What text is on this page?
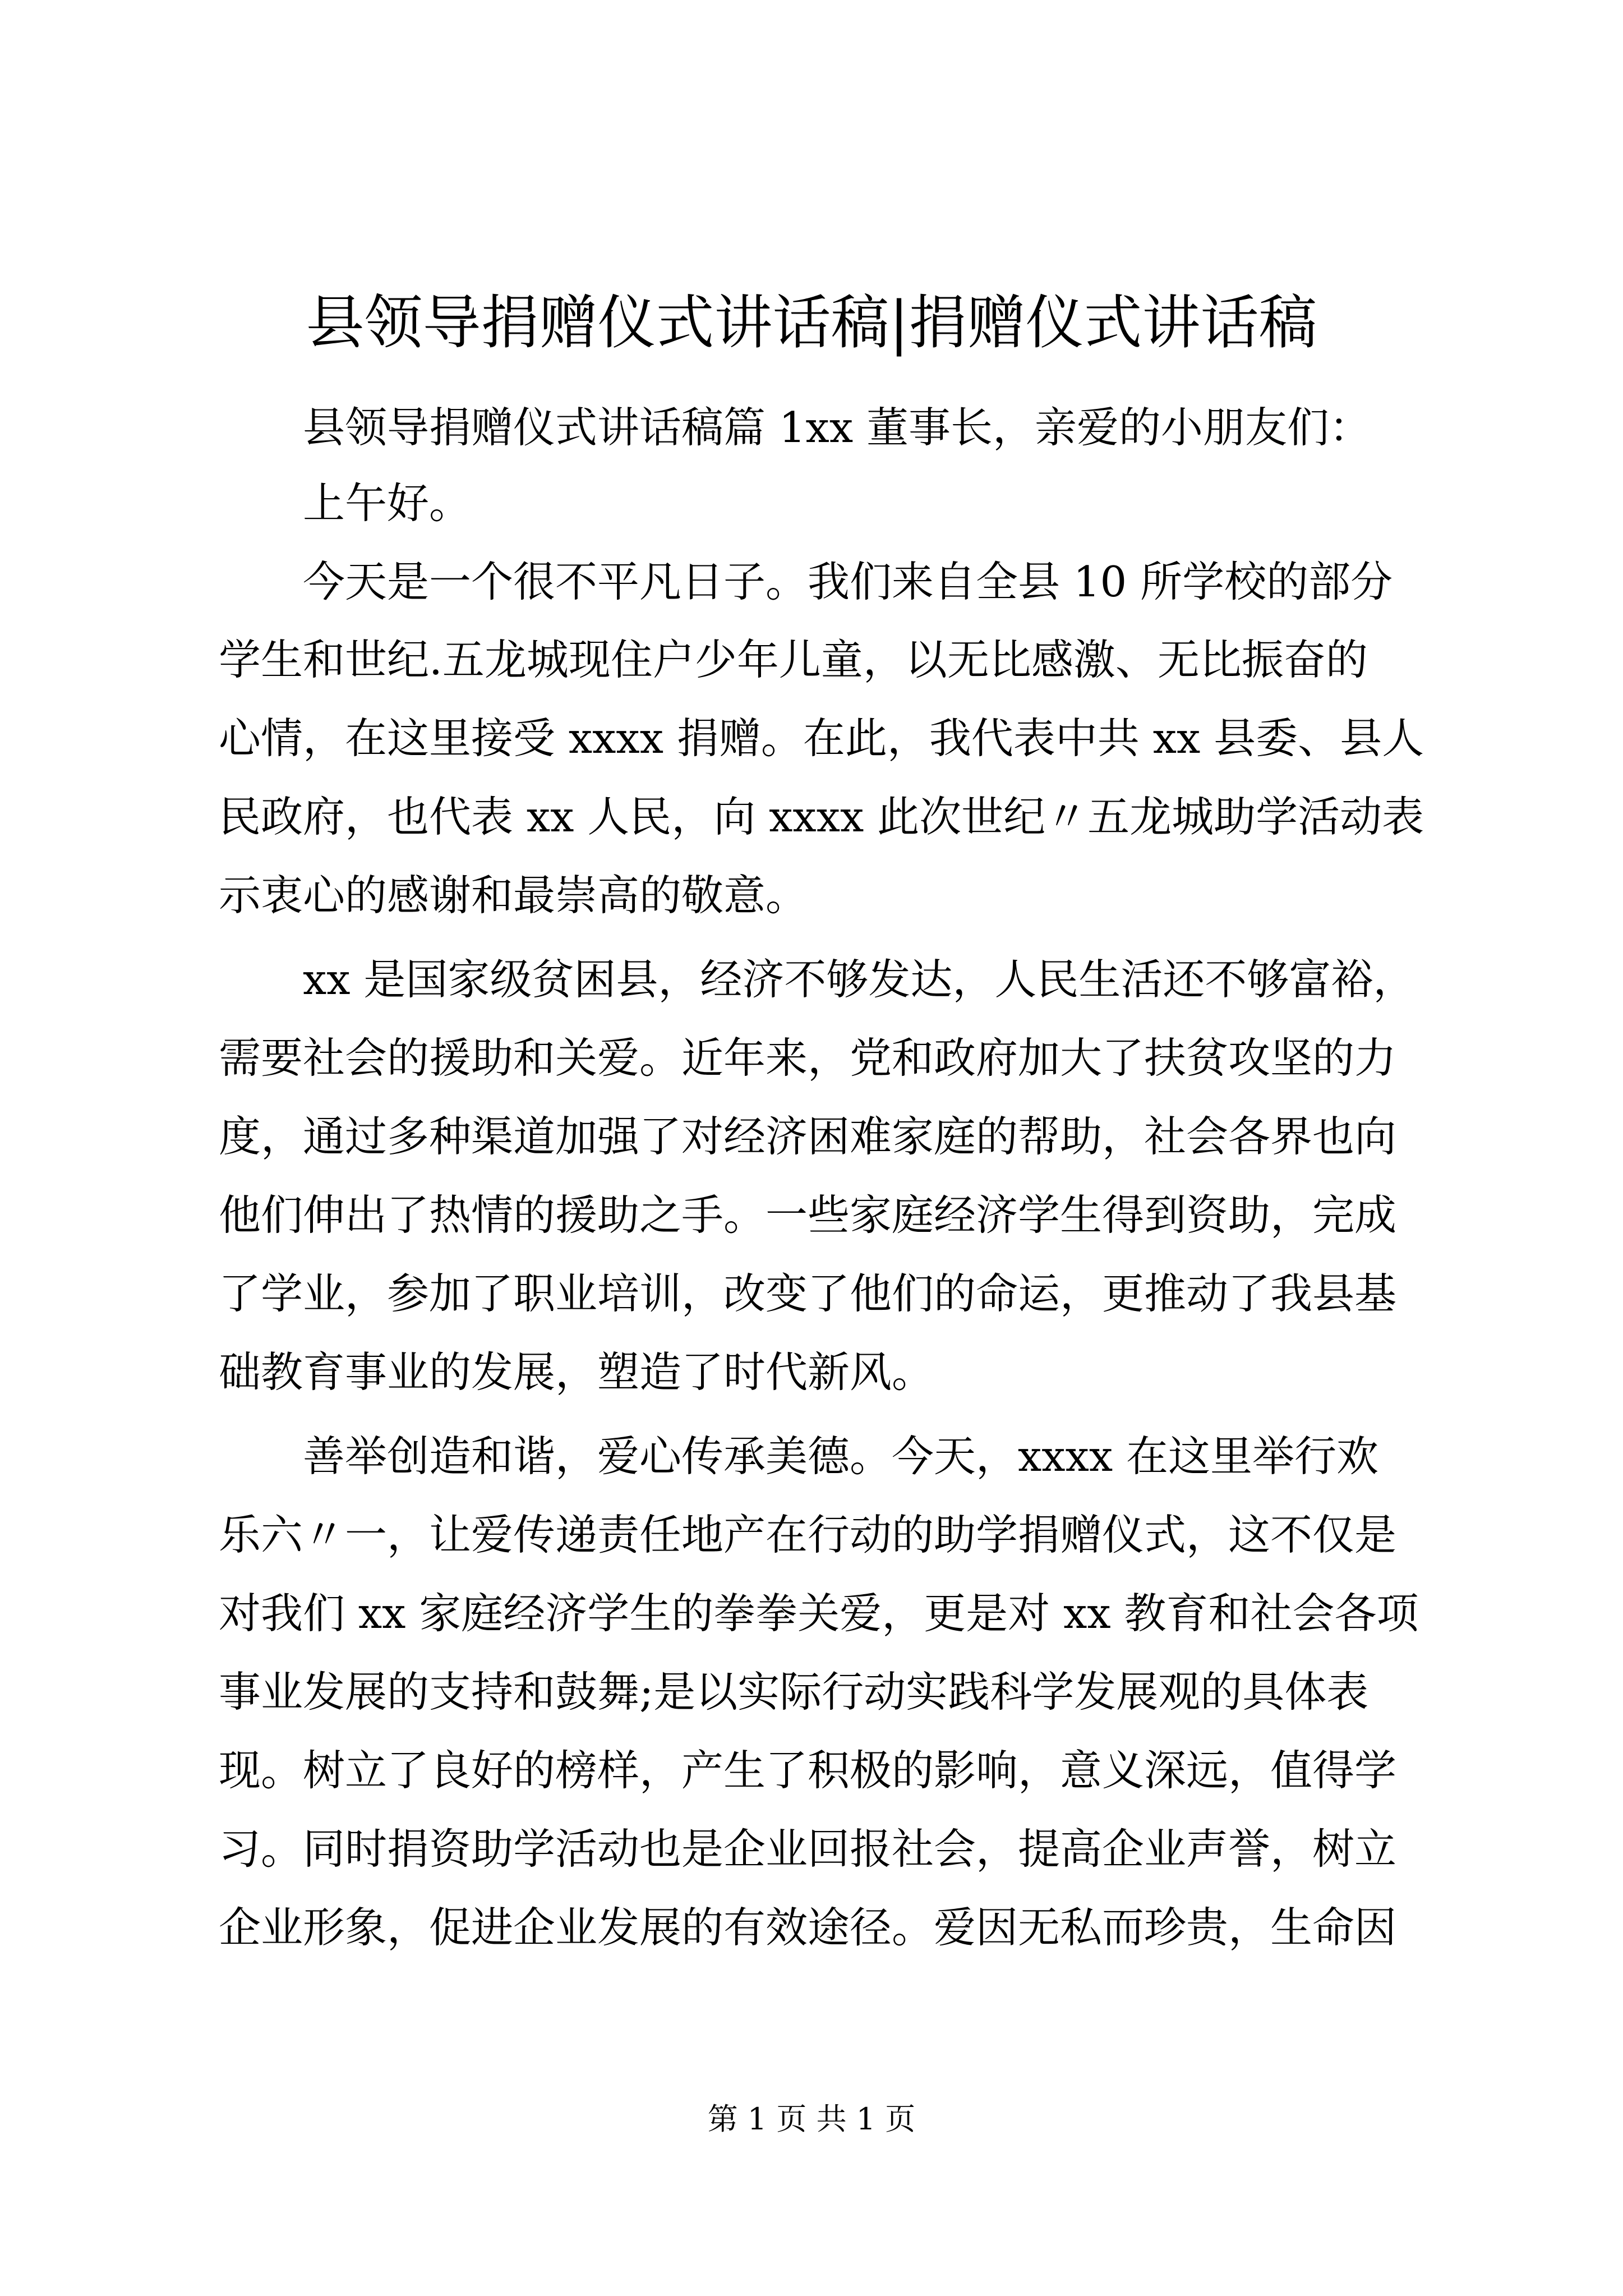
县领导捐赠仪式讲话稿|捐赠仪式讲话稿
县领导捐赠仪式讲话稿篇 1xx 董事长，亲爱的小朋友们：
上午好。
今天是一个很不平凡日子。我们来自全县 10 所学校的部分
学生和世纪.五龙城现住户少年儿童，以无比感激、无比振奋的
心情，在这里接受 xxxx 捐赠。在此，我代表中共 xx 县委、县人
民政府，也代表 xx 人民，向 xxxx 此次世纪〃五龙城助学活动表
示衷心的感谢和最崇高的敬意。
xx 是国家级贫困县，经济不够发达，人民生活还不够富裕，
需要社会的援助和关爱。近年来，党和政府加大了扶贫攻坚的力
度，通过多种渠道加强了对经济困难家庭的帮助，社会各界也向
他们伸出了热情的援助之手。一些家庭经济学生得到资助，完成
了学业，参加了职业培训，改变了他们的命运，更推动了我县基
础教育事业的发展，塑造了时代新风。
善举创造和谐，爱心传承美德。今天，xxxx 在这里举行欢
乐六〃一，让爱传递责任地产在行动的助学捐赠仪式，这不仅是
对我们 xx 家庭经济学生的拳拳关爱，更是对 xx 教育和社会各项
事业发展的支持和鼓舞;是以实际行动实践科学发展观的具体表
现。树立了良好的榜样，产生了积极的影响，意义深远，值得学
习。同时捐资助学活动也是企业回报社会，提高企业声誉，树立
企业形象，促进企业发展的有效途径。爱因无私而珍贵，生命因
第 1 页 共 1 页
